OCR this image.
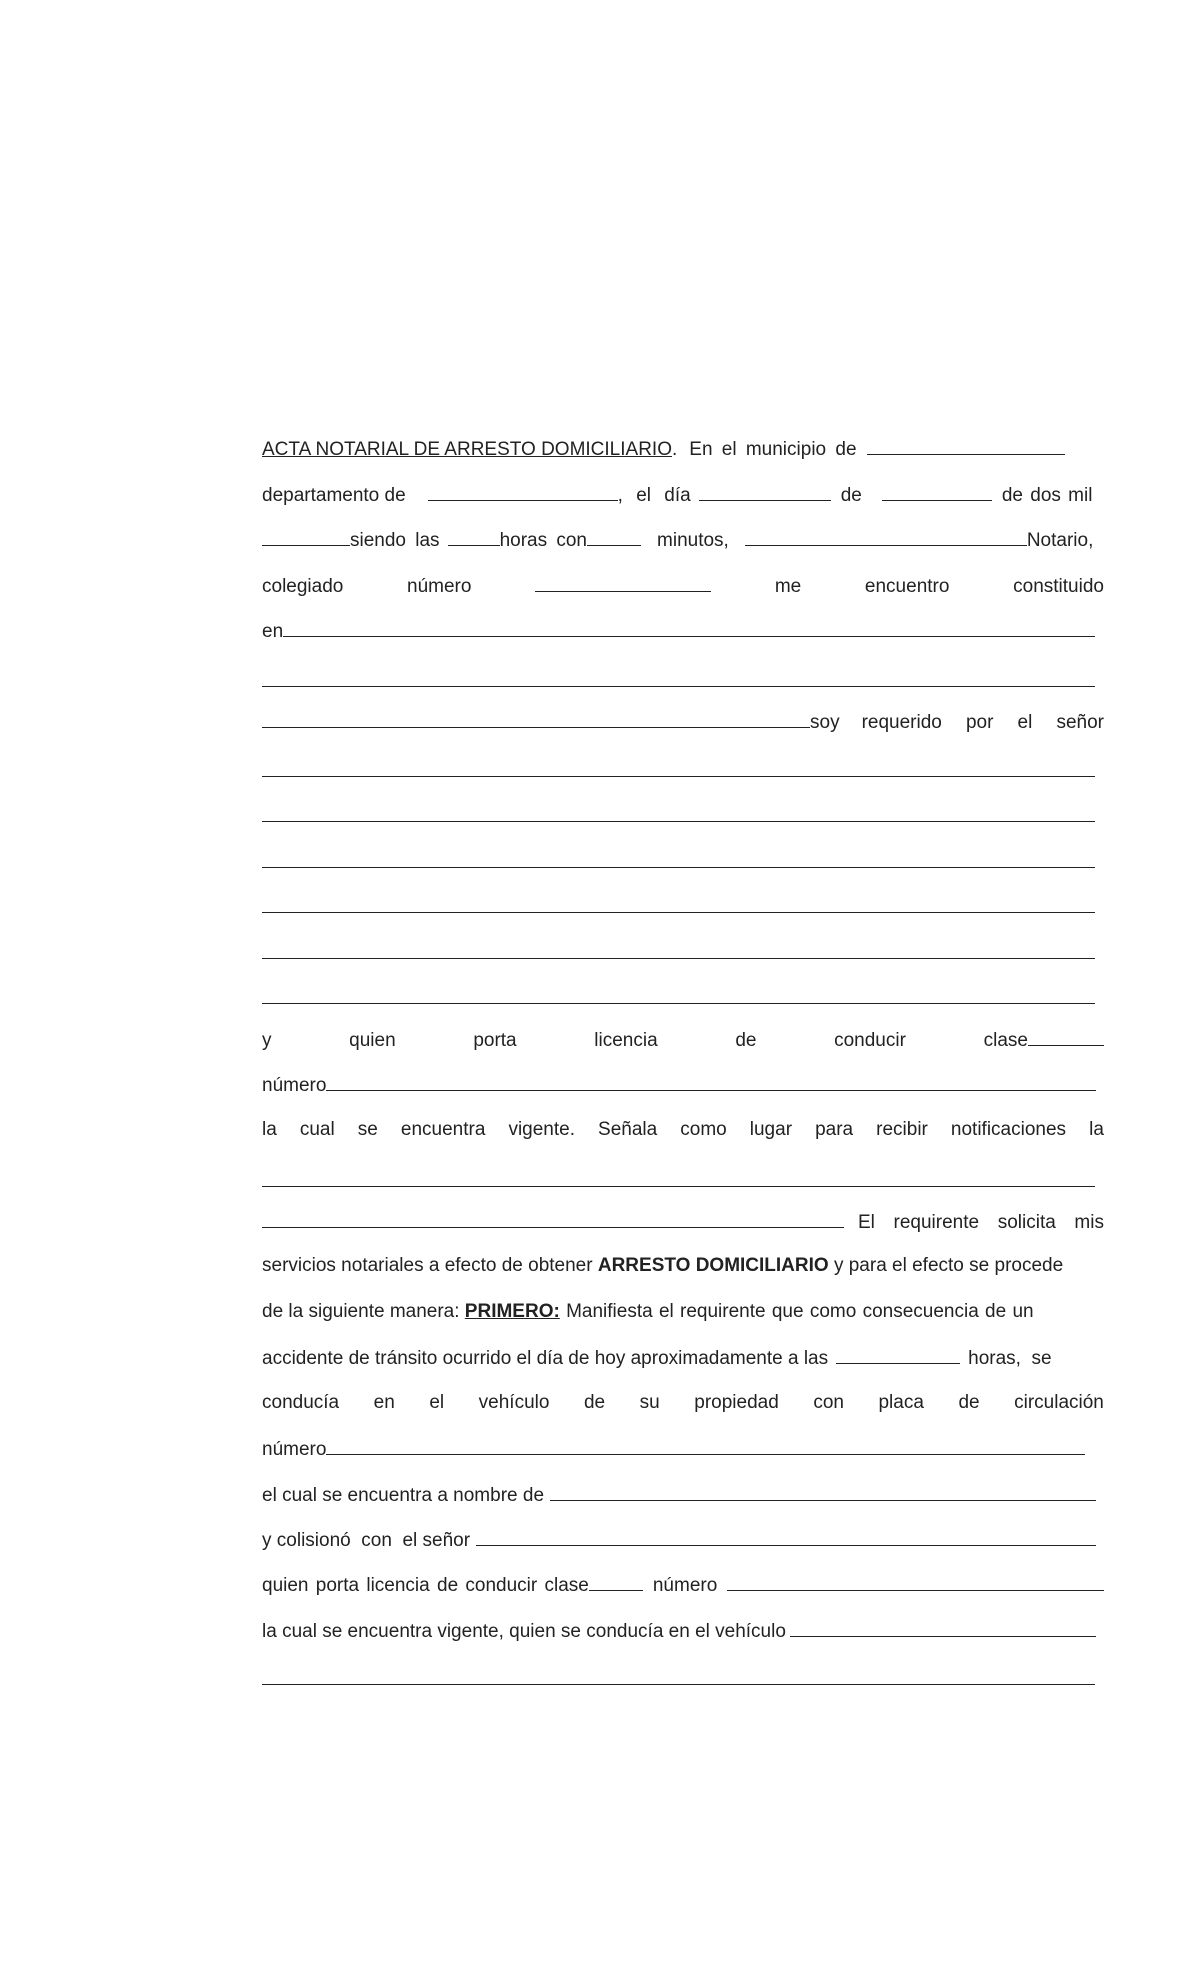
ACTA NOTARIAL DE ARRESTO DOMICILIARIO . En el municipio de
departamento de	, el día	de	de dos mil
siendo las	horas con	minutos,	Notario,
colegiado	número	me	encuentro	constituido
en
soy requerido por el señor
y	quien	porta	licencia	de	conducir	clase
número
la cual se encuentra vigente. Señala como lugar para recibir notificaciones la
El requirente solicita mis
servicios notariales a efecto de obtener ARRESTO DOMICILIARIO y para el efecto se procede
de la siguiente manera: PRIMERO: Manifiesta el requirente que como consecuencia de un
accidente de tránsito ocurrido el día de hoy aproximadamente a las	horas,  se
conducía en el vehículo de su propiedad con placa de circulación
número
el cual se encuentra a nombre de
y colisionó  con  el señor
quien porta licencia de conducir clase	número
la cual se encuentra vigente, quien se conducía en el vehículo
